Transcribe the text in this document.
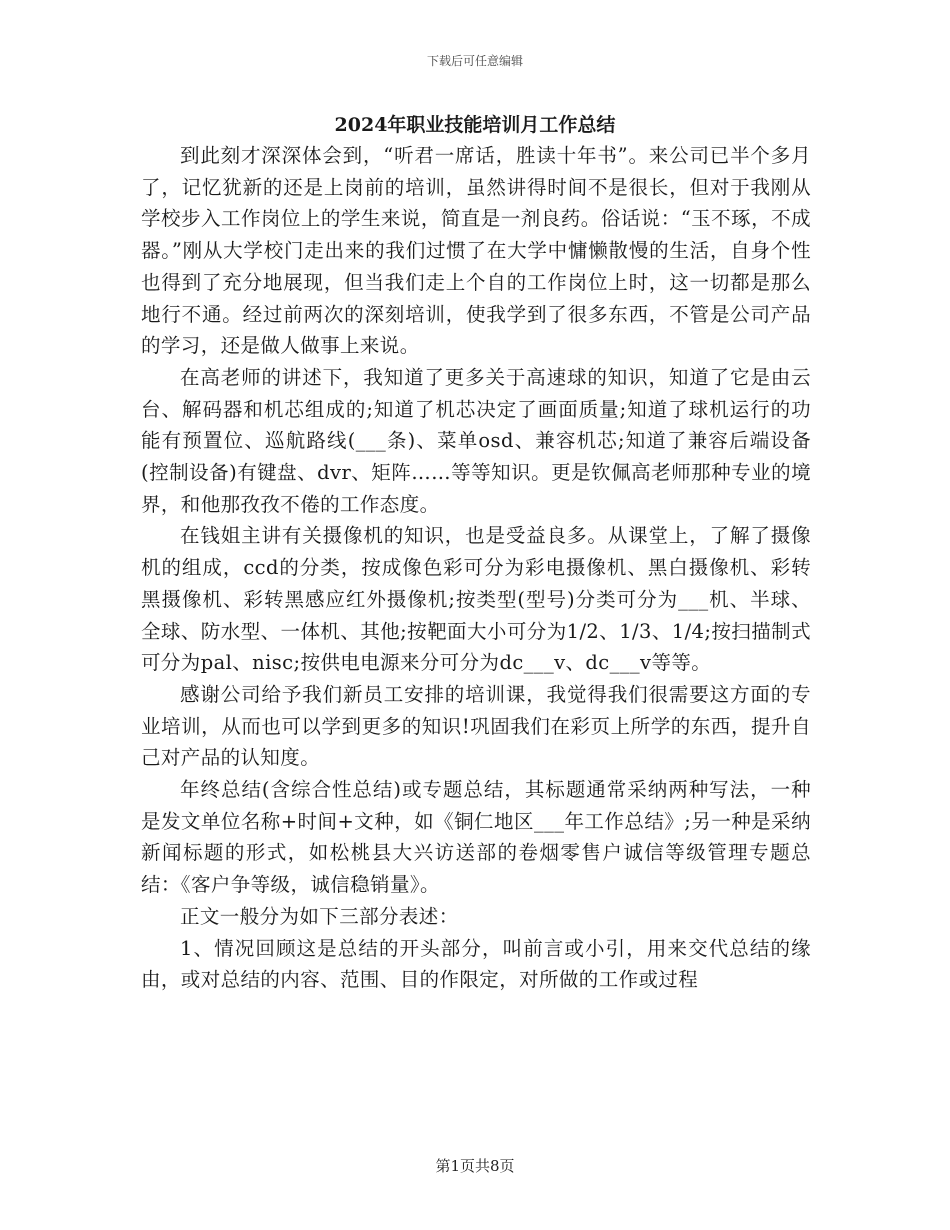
下载后可任意编辑
2024年职业技能培训月工作总结

到此刻才深深体会到，“听君一席话，胜读十年书”。来公司已半个多月了，记忆犹新的还是上岗前的培训，虽然讲得时间不是很长，但对于我刚从学校步入工作岗位上的学生来说，简直是一剂良药。俗话说：“玉不琢，不成器。”刚从大学校门走出来的我们过惯了在大学中慵懒散慢的生活，自身个性也得到了充分地展现，但当我们走上个自的工作岗位上时，这一切都是那么地行不通。经过前两次的深刻培训，使我学到了很多东西，不管是公司产品的学习，还是做人做事上来说。

在高老师的讲述下，我知道了更多关于高速球的知识，知道了它是由云台、解码器和机芯组成的;知道了机芯决定了画面质量;知道了球机运行的功能有预置位、巡航路线(___条)、菜单osd、兼容机芯;知道了兼容后端设备(控制设备)有键盘、dvr、矩阵……等等知识。更是钦佩高老师那种专业的境界，和他那孜孜不倦的工作态度。

在钱姐主讲有关摄像机的知识，也是受益良多。从课堂上，了解了摄像机的组成，ccd的分类，按成像色彩可分为彩电摄像机、黑白摄像机、彩转黑摄像机、彩转黑感应红外摄像机;按类型(型号)分类可分为___机、半球、全球、防水型、一体机、其他;按靶面大小可分为1/2、1/3、1/4;按扫描制式可分为pal、nisc;按供电电源来分可分为dc___v、dc___v等等。

感谢公司给予我们新员工安排的培训课，我觉得我们很需要这方面的专业培训，从而也可以学到更多的知识!巩固我们在彩页上所学的东西，提升自己对产品的认知度。

年终总结(含综合性总结)或专题总结，其标题通常采纳两种写法，一种是发文单位名称+时间+文种，如《铜仁地区___年工作总结》;另一种是采纳新闻标题的形式，如松桃县大兴访送部的卷烟零售户诚信等级管理专题总结：《客户争等级，诚信稳销量》。

正文一般分为如下三部分表述：

1、情况回顾这是总结的开头部分，叫前言或小引，用来交代总结的缘由，或对总结的内容、范围、目的作限定，对所做的工作或过程

第1页共8页
